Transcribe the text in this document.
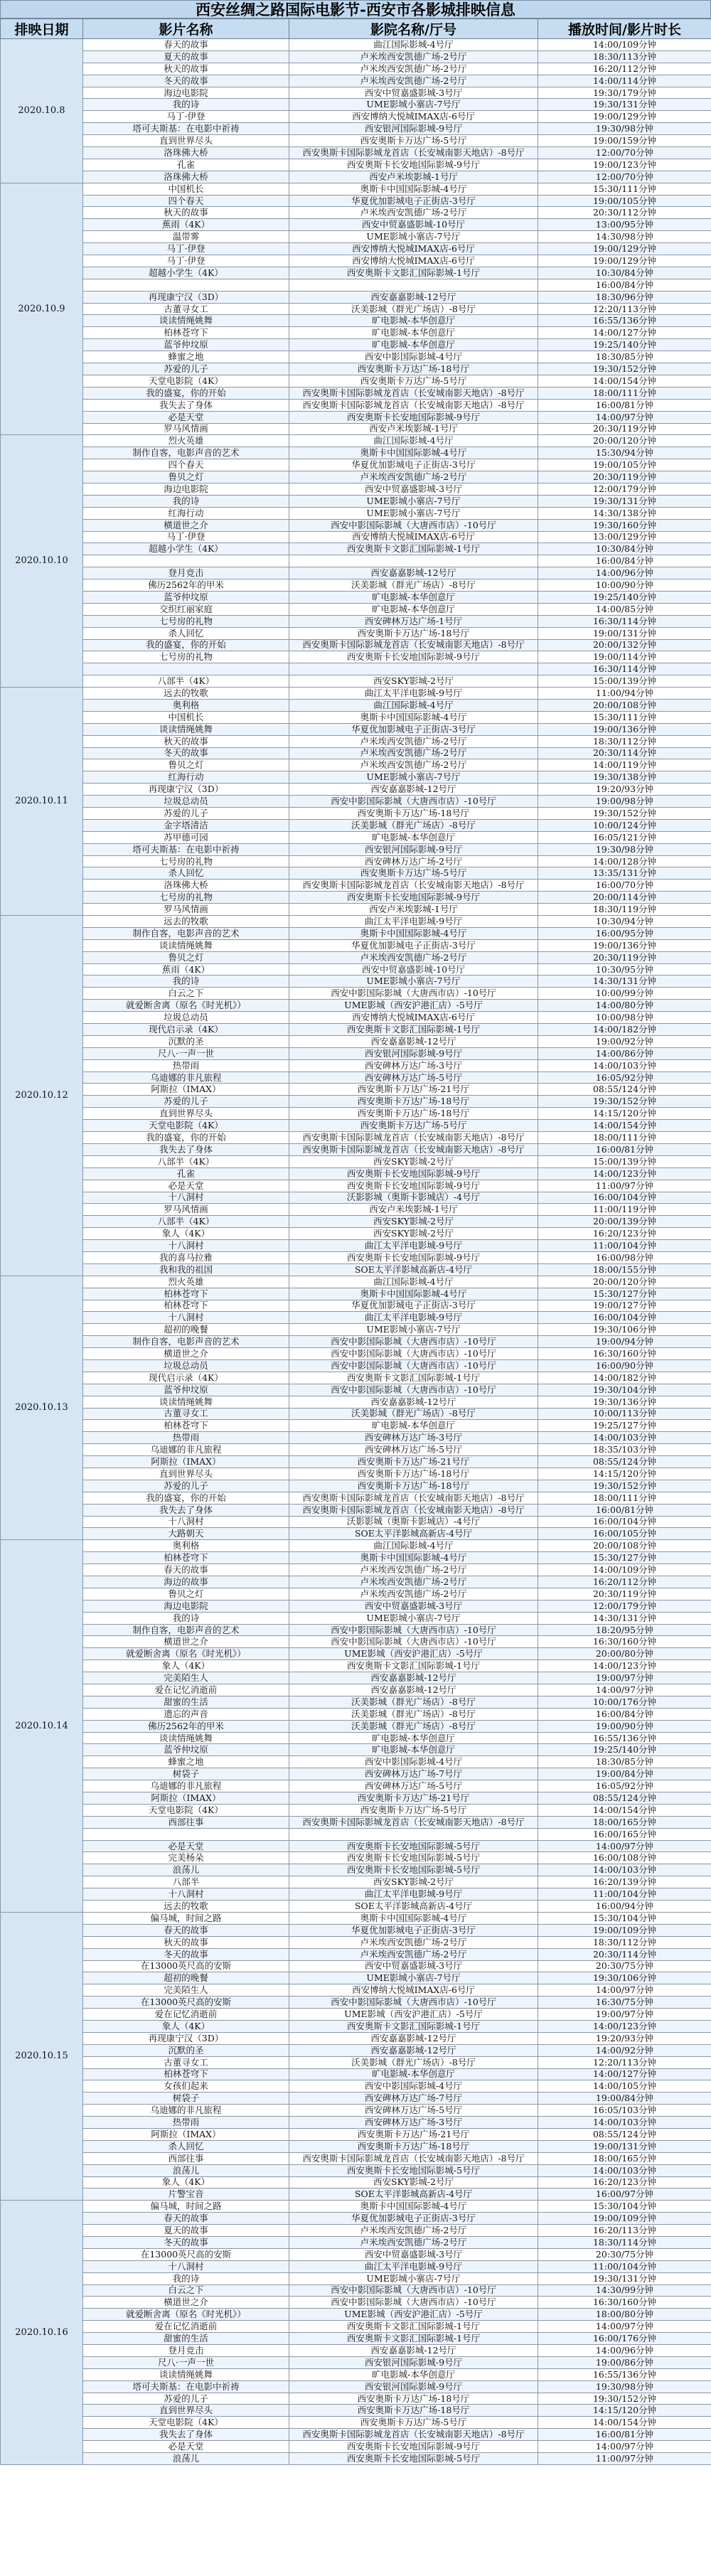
西安丝绸之路国际电影节-西安市各影城排映信息
排映日期	影片名称	影院名称/厅号	播放时间/影片时长
2020.10.8	春天的故事	曲江国际影城-4号厅	14:00/109分钟
	夏天的故事	卢米埃西安凯德广场-2号厅	18:30/113分钟
	秋天的故事	卢米埃西安凯德广场-2号厅	16:20/112分钟
	冬天的故事	卢米埃西安凯德广场-2号厅	14:00/114分钟
	海边电影院	西安中贸嘉盛影城-3号厅	19:30/179分钟
	我的诗	UME影城小寨店-7号厅	19:30/131分钟
	马丁·伊登	西安博纳大悦城IMAX店-6号厅	19:00/129分钟
	塔可夫斯基：在电影中祈祷	西安银河国际影城-9号厅	19:30/98分钟
	直到世界尽头	西安奥斯卡万达广场-5号厅	19:00/159分钟
	洛珠佛大桥	西安奥斯卡国际影城龙首店（长安城南影天地店）-8号厅	12:00/70分钟
	孔雀	西安奥斯卡长安地国际影城-9号厅	19:00/123分钟
	洛珠佛大桥	西安卢米埃影城-1号厅	12:00/70分钟
2020.10.9	中国机长	奥斯卡中国国际影城-4号厅	15:30/111分钟
	四个春天	华夏优加影城电子正街店-3号厅	19:00/105分钟
	秋天的故事	卢米埃西安凯德广场-2号厅	20:30/112分钟
	蕉雨（4K）	西安中贸嘉盛影城-10号厅	13:00/95分钟
	温带雾	UME影城小寨店-7号厅	14:30/98分钟
	马丁·伊登	西安博纳大悦城IMAX店-6号厅	19:00/129分钟
	马丁·伊登	西安博纳大悦城IMAX店-6号厅	19:00/129分钟
	超越小学生（4K）	西安奥斯卡文影汇国际影城-1号厅	10:30/84分钟
			16:00/84分钟
	再现康宁汉（3D）	西安嘉嘉影城-12号厅	18:30/96分钟
	古董寻女工	沃美影城（群光广场店）-8号厅	12:20/113分钟
	谈读情绳姚舞	旷电影城-本华创意厅	16:55/136分钟
	柏林苍穹下	旷电影城-本华创意厅	14:00/127分钟
	蓝爷仲坟原	旷电影城-本华创意厅	19:25/140分钟
	蜂蜜之地	西安中影国际影城-4号厅	18:30/85分钟
	苏爱的儿子	西安奥斯卡万达广场-18号厅	19:30/152分钟
	天堂电影院（4K）	西安奥斯卡万达广场-5号厅	14:00/154分钟
	我的盛宴，你的开始	西安奥斯卡国际影城龙首店（长安城南影天地店）-8号厅	18:00/111分钟
	我失去了身体	西安奥斯卡国际影城龙首店（长安城南影天地店）-8号厅	16:00/81分钟
	必是天堂	西安奥斯卡长安地国际影城-9号厅	14:00/97分钟
	罗马风情画	西安卢米埃影城-1号厅	20:30/119分钟
2020.10.10	烈火英雄	曲江国际影城-4号厅	20:00/120分钟
	制作自客，电影声音的艺术	奥斯卡中国国际影城-4号厅	15:30/94分钟
	四个春天	华夏优加影城电子正街店-3号厅	19:00/105分钟
	鲁贝之灯	卢米埃西安凯德广场-2号厅	20:30/119分钟
	海边电影院	西安中贸嘉盛影城-3号厅	12:00/179分钟
	我的诗	UME影城小寨店-7号厅	19:30/131分钟
	红海行动	UME影城小寨店-7号厅	14:30/138分钟
	横道世之介	西安中影国际影城（大唐西市店）-10号厅	19:30/160分钟
	马丁·伊登	西安博纳大悦城IMAX店-6号厅	13:00/129分钟
	超越小学生（4K）	西安奥斯卡文影汇国际影城-1号厅	10:30/84分钟
			16:00/84分钟
	登月竞击	西安嘉嘉影城-12号厅	14:00/96分钟
	佛历2562年的甲米	沃美影城（群光广场店）-8号厅	10:00/90分钟
	蓝爷仲坟原	旷电影城-本华创意厅	19:25/140分钟
	交织红丽家庭	旷电影城-本华创意厅	14:00/85分钟
	七号房的礼物	西安碑林万达广场-1号厅	16:30/114分钟
	杀人回忆	西安奥斯卡万达广场-18号厅	19:00/131分钟
	我的盛宴，你的开始	西安奥斯卡国际影城龙首店（长安城南影天地店）-8号厅	20:00/132分钟
	七号房的礼物	西安奥斯卡长安地国际影城-9号厅	19:00/114分钟
			16:30/114分钟
	八部半（4K）	西安SKY影城-2号厅	15:00/139分钟
2020.10.11	远去的牧歌	曲江太平洋电影城-9号厅	11:00/94分钟
	奥利格	曲江国际影城-4号厅	20:00/108分钟
	中国机长	奥斯卡中国国际影城-4号厅	15:30/111分钟
	谈读情绳姚舞	华夏优加影城电子正街店-3号厅	19:00/136分钟
	秋天的故事	卢米埃西安凯德广场-2号厅	18:30/112分钟
	冬天的故事	卢米埃西安凯德广场-2号厅	20:30/114分钟
	鲁贝之灯	卢米埃西安凯德广场-2号厅	14:00/119分钟
	红海行动	UME影城小寨店-7号厅	19:30/138分钟
	再现康宁汉（3D）	西安嘉嘉影城-12号厅	19:20/93分钟
	垃圾总动员	西安中影国际影城（大唐西市店）-10号厅	19:00/98分钟
	苏爱的儿子	西安奥斯卡万达广场-18号厅	19:30/152分钟
	金字塔清洁	沃美影城（群光广场店）-8号厅	10:00/124分钟
	苏甲德可园	旷电影城-本华创意厅	16:05/121分钟
	塔可夫斯基：在电影中祈祷	西安银河国际影城-9号厅	19:30/98分钟
	七号房的礼物	西安碑林万达广场-2号厅	14:00/128分钟
	杀人回忆	西安奥斯卡万达广场-5号厅	13:35/131分钟
	洛珠佛大桥	西安奥斯卡国际影城龙首店（长安城南影天地店）-8号厅	16:00/70分钟
	七号房的礼物	西安奥斯卡长安地国际影城-9号厅	20:00/114分钟
	罗马风情画	西安卢米埃影城-1号厅	18:30/119分钟
2020.10.12	远去的牧歌	曲江太平洋电影城-9号厅	10:30/94分钟
	制作自客，电影声音的艺术	奥斯卡中国国际影城-4号厅	16:00/95分钟
	谈读情绳姚舞	华夏优加影城电子正街店-3号厅	19:00/136分钟
	鲁贝之灯	卢米埃西安凯德广场-2号厅	20:30/119分钟
	蕉雨（4K）	西安中贸嘉盛影城-10号厅	10:30/95分钟
	我的诗	UME影城小寨店-7号厅	14:30/131分钟
	白云之下	西安中影国际影城（大唐西市店）-10号厅	10:00/99分钟
	就爱断舍离（原名《时光机》）	UME影城（西安沪港汇店）-5号厅	14:00/80分钟
	垃圾总动员	西安博纳大悦城IMAX店-6号厅	10:00/98分钟
	现代启示录（4K）	西安奥斯卡文影汇国际影城-1号厅	14:00/182分钟
	沉默的圣	西安嘉嘉影城-12号厅	19:00/92分钟
	尺八·一声一世	西安银河国际影城-9号厅	14:00/86分钟
	热带雨	西安碑林万达广场-3号厅	14:00/103分钟
	乌迪娜的非凡旅程	西安碑林万达广场-5号厅	16:05/92分钟
	阿斯拉（IMAX）	西安奥斯卡万达广场-21号厅	08:55/124分钟
	苏爱的儿子	西安奥斯卡万达广场-18号厅	19:30/152分钟
	直到世界尽头	西安奥斯卡万达广场-18号厅	14:15/120分钟
	天堂电影院（4K）	西安奥斯卡万达广场-5号厅	14:00/154分钟
	我的盛宴，你的开始	西安奥斯卡国际影城龙首店（长安城南影天地店）-8号厅	18:00/111分钟
	我失去了身体	西安奥斯卡国际影城龙首店（长安城南影天地店）-8号厅	16:00/81分钟
	八部半（4K）	西安SKY影城-2号厅	15:00/139分钟
	孔雀	西安奥斯卡长安地国际影城-9号厅	14:00/123分钟
	必是天堂	西安奥斯卡长安地国际影城-9号厅	11:00/97分钟
	十八洞村	沃影影城（奥斯卡影城店）-4号厅	16:00/104分钟
	罗马风情画	西安卢米埃影城-1号厅	11:00/119分钟
	八部半（4K）	西安SKY影城-2号厅	20:00/139分钟
	象人（4K）	西安SKY影城-2号厅	16:20/123分钟
	十八洞村	曲江太平洋电影城-9号厅	11:00/104分钟
	我的喜马拉雅	西安奥斯卡长安地国际影城-9号厅	16:00/98分钟
	我和我的祖国	SOE太平洋影城高新店-4号厅	18:00/155分钟
2020.10.13	烈火英雄	曲江国际影城-4号厅	20:00/120分钟
	柏林苍穹下	奥斯卡中国国际影城-4号厅	15:30/127分钟
	柏林苍穹下	华夏优加影城电子正街店-3号厅	19:00/127分钟
	十八洞村	曲江太平洋电影城-9号厅	16:00/104分钟
	超初的晚餐	UME影城小寨店-7号厅	19:30/106分钟
	制作自客，电影声音的艺术	西安中影国际影城（大唐西市店）-10号厅	19:00/94分钟
	横道世之介	西安中影国际影城（大唐西市店）-10号厅	16:30/160分钟
	垃圾总动员	西安中影国际影城（大唐西市店）-10号厅	16:00/90分钟
	现代启示录（4K）	西安奥斯卡文影汇国际影城-1号厅	14:00/182分钟
	蓝爷仲坟原	西安中影国际影城（大唐西市店）-10号厅	19:30/104分钟
	谈读情绳姚舞	西安嘉嘉影城-12号厅	19:30/136分钟
	古董寻女工	沃美影城（群光广场店）-8号厅	10:00/113分钟
	柏林苍穹下	旷电影城-本华创意厅	19:25/127分钟
	热带雨	西安碑林万达广场-3号厅	14:00/103分钟
	乌迪娜的非凡旅程	西安碑林万达广场-5号厅	18:35/103分钟
	阿斯拉（IMAX）	西安奥斯卡万达广场-21号厅	08:55/124分钟
	直到世界尽头	西安奥斯卡万达广场-18号厅	14:15/120分钟
	苏爱的儿子	西安奥斯卡万达广场-18号厅	19:30/152分钟
	我的盛宴，你的开始	西安奥斯卡国际影城龙首店（长安城南影天地店）-8号厅	18:00/111分钟
	我失去了身体	西安奥斯卡国际影城龙首店（长安城南影天地店）-8号厅	16:00/81分钟
	十八洞村	沃影影城（奥斯卡影城店）-4号厅	16:00/104分钟
	大路朝天	SOE太平洋影城高新店-4号厅	16:00/105分钟
2020.10.14	奥利格	曲江国际影城-4号厅	20:00/108分钟
	柏林苍穹下	奥斯卡中国国际影城-4号厅	15:30/127分钟
	春天的故事	卢米埃西安凯德广场-2号厅	14:00/109分钟
	海边的故事	卢米埃西安凯德广场-2号厅	16:20/112分钟
	鲁贝之灯	卢米埃西安凯德广场-2号厅	20:30/119分钟
	海边电影院	西安中贸嘉盛影城-3号厅	12:00/179分钟
	我的诗	UME影城小寨店-7号厅	14:30/131分钟
	制作自客，电影声音的艺术	西安中影国际影城（大唐西市店）-10号厅	18:20/95分钟
	横道世之介	西安中影国际影城（大唐西市店）-10号厅	16:30/160分钟
	就爱断舍离（原名《时光机》）	UME影城（西安沪港汇店）-5号厅	20:00/80分钟
	象人（4K）	西安奥斯卡文影汇国际影城-1号厅	14:00/123分钟
	完美陌生人	西安嘉嘉影城-12号厅	19:00/97分钟
	爱在记忆消逝前	西安嘉嘉影城-12号厅	14:00/97分钟
	甜蜜的生活	沃美影城（群光广场店）-8号厅	10:00/176分钟
	遗忘的声音	沃美影城（群光广场店）-8号厅	16:00/84分钟
	佛历2562年的甲米	沃美影城（群光广场店）-8号厅	19:00/90分钟
	谈读情绳姚舞	旷电影城-本华创意厅	16:55/136分钟
	蓝爷仲坟原	旷电影城-本华创意厅	19:25/140分钟
	蜂蜜之地	西安中影国际影城-4号厅	18:30/85分钟
	树袋子	西安碑林万达广场-7号厅	19:00/84分钟
	乌迪娜的非凡旅程	西安碑林万达广场-5号厅	16:05/92分钟
	阿斯拉（IMAX）	西安奥斯卡万达广场-21号厅	08:55/124分钟
	天堂电影院（4K）	西安奥斯卡万达广场-5号厅	14:00/154分钟
	西部往事	西安奥斯卡国际影城龙首店（长安城南影天地店）-8号厅	18:00/165分钟
			16:00/165分钟
	必是天堂	西安奥斯卡长安地国际影城-5号厅	14:00/97分钟
	完美杨朵	西安奥斯卡长安地国际影城-5号厅	16:00/108分钟
	浪荡儿	西安奥斯卡长安地国际影城-5号厅	14:00/103分钟
	八部半	西安SKY影城-2号厅	16:20/139分钟
	十八洞村	曲江太平洋电影城-9号厅	11:00/104分钟
	远去的牧歌	SOE太平洋影城高新店-4号厅	16:00/94分钟
2020.10.15	偏马城，时间之路	奥斯卡中国国际影城-4号厅	15:30/104分钟
	春天的故事	华夏优加影城电子正街店-3号厅	19:00/109分钟
	秋天的故事	卢米埃西安凯德广场-2号厅	18:30/112分钟
	冬天的故事	卢米埃西安凯德广场-2号厅	20:30/114分钟
	在13000英尺高的安斯	西安中贸嘉盛影城-3号厅	20:30/75分钟
	超初的晚餐	UME影城小寨店-7号厅	19:30/106分钟
	完美陌生人	西安博纳大悦城IMAX店-6号厅	14:00/97分钟
	在13000英尺高的安斯	西安中影国际影城（大唐西市店）-10号厅	16:30/75分钟
	爱在记忆消逝前	UME影城（西安沪港汇店）-5号厅	19:00/97分钟
	象人（4K）	西安奥斯卡文影汇国际影城-1号厅	14:00/123分钟
	再现康宁汉（3D）	西安嘉嘉影城-12号厅	19:20/93分钟
	沉默的圣	西安嘉嘉影城-12号厅	14:00/92分钟
	古董寻女工	沃美影城（群光广场店）-8号厅	12:20/113分钟
	柏林苍穹下	旷电影城-本华创意厅	14:00/127分钟
	女孩们起来	西安中影国际影城-4号厅	14:00/105分钟
	树袋子	西安碑林万达广场-7号厅	19:00/84分钟
	乌迪娜的非凡旅程	西安碑林万达广场-5号厅	16:05/103分钟
	热带雨	西安碑林万达广场-3号厅	14:00/103分钟
	阿斯拉（IMAX）	西安奥斯卡万达广场-21号厅	08:55/124分钟
	杀人回忆	西安奥斯卡万达广场-18号厅	19:00/131分钟
	西部往事	西安奥斯卡国际影城龙首店（长安城南影天地店）-8号厅	18:00/165分钟
	浪荡儿	西安奥斯卡长安地国际影城-5号厅	14:00/103分钟
	象人（4K）	西安SKY影城-2号厅	16:20/123分钟
	片警宝音	SOE太平洋影城高新店-4号厅	16:00/97分钟
2020.10.16	偏马城，时间之路	奥斯卡中国国际影城-4号厅	15:30/104分钟
	春天的故事	华夏优加影城电子正街店-3号厅	19:00/109分钟
	夏天的故事	卢米埃西安凯德广场-2号厅	16:20/113分钟
	冬天的故事	卢米埃西安凯德广场-2号厅	18:30/114分钟
	在13000英尺高的安斯	西安中贸嘉盛影城-3号厅	20:30/75分钟
	十八洞村	曲江太平洋电影城-9号厅	11:00/104分钟
	我的诗	UME影城小寨店-7号厅	19:30/131分钟
	白云之下	西安中影国际影城（大唐西市店）-10号厅	14:30/99分钟
	横道世之介	西安中影国际影城（大唐西市店）-10号厅	16:30/160分钟
	就爱断舍离（原名《时光机》）	UME影城（西安沪港汇店）-5号厅	18:00/80分钟
	爱在记忆消逝前	西安奥斯卡文影汇国际影城-1号厅	14:00/97分钟
	甜蜜的生活	西安奥斯卡文影汇国际影城-1号厅	16:00/176分钟
	登月竞击	西安嘉嘉影城-12号厅	14:00/96分钟
	尺八·一声一世	西安银河国际影城-9号厅	19:00/86分钟
	谈读情绳姚舞	旷电影城-本华创意厅	16:55/136分钟
	塔可夫斯基：在电影中祈祷	西安银河国际影城-9号厅	19:30/98分钟
	苏爱的儿子	西安奥斯卡万达广场-18号厅	19:30/152分钟
	直到世界尽头	西安奥斯卡万达广场-18号厅	14:15/120分钟
	天堂电影院（4K）	西安奥斯卡万达广场-5号厅	14:00/154分钟
	我失去了身体	西安奥斯卡国际影城龙首店（长安城南影天地店）-8号厅	16:00/81分钟
	必是天堂	西安奥斯卡长安地国际影城-9号厅	14:00/97分钟
	浪荡儿	西安奥斯卡长安地国际影城-5号厅	11:00/97分钟
